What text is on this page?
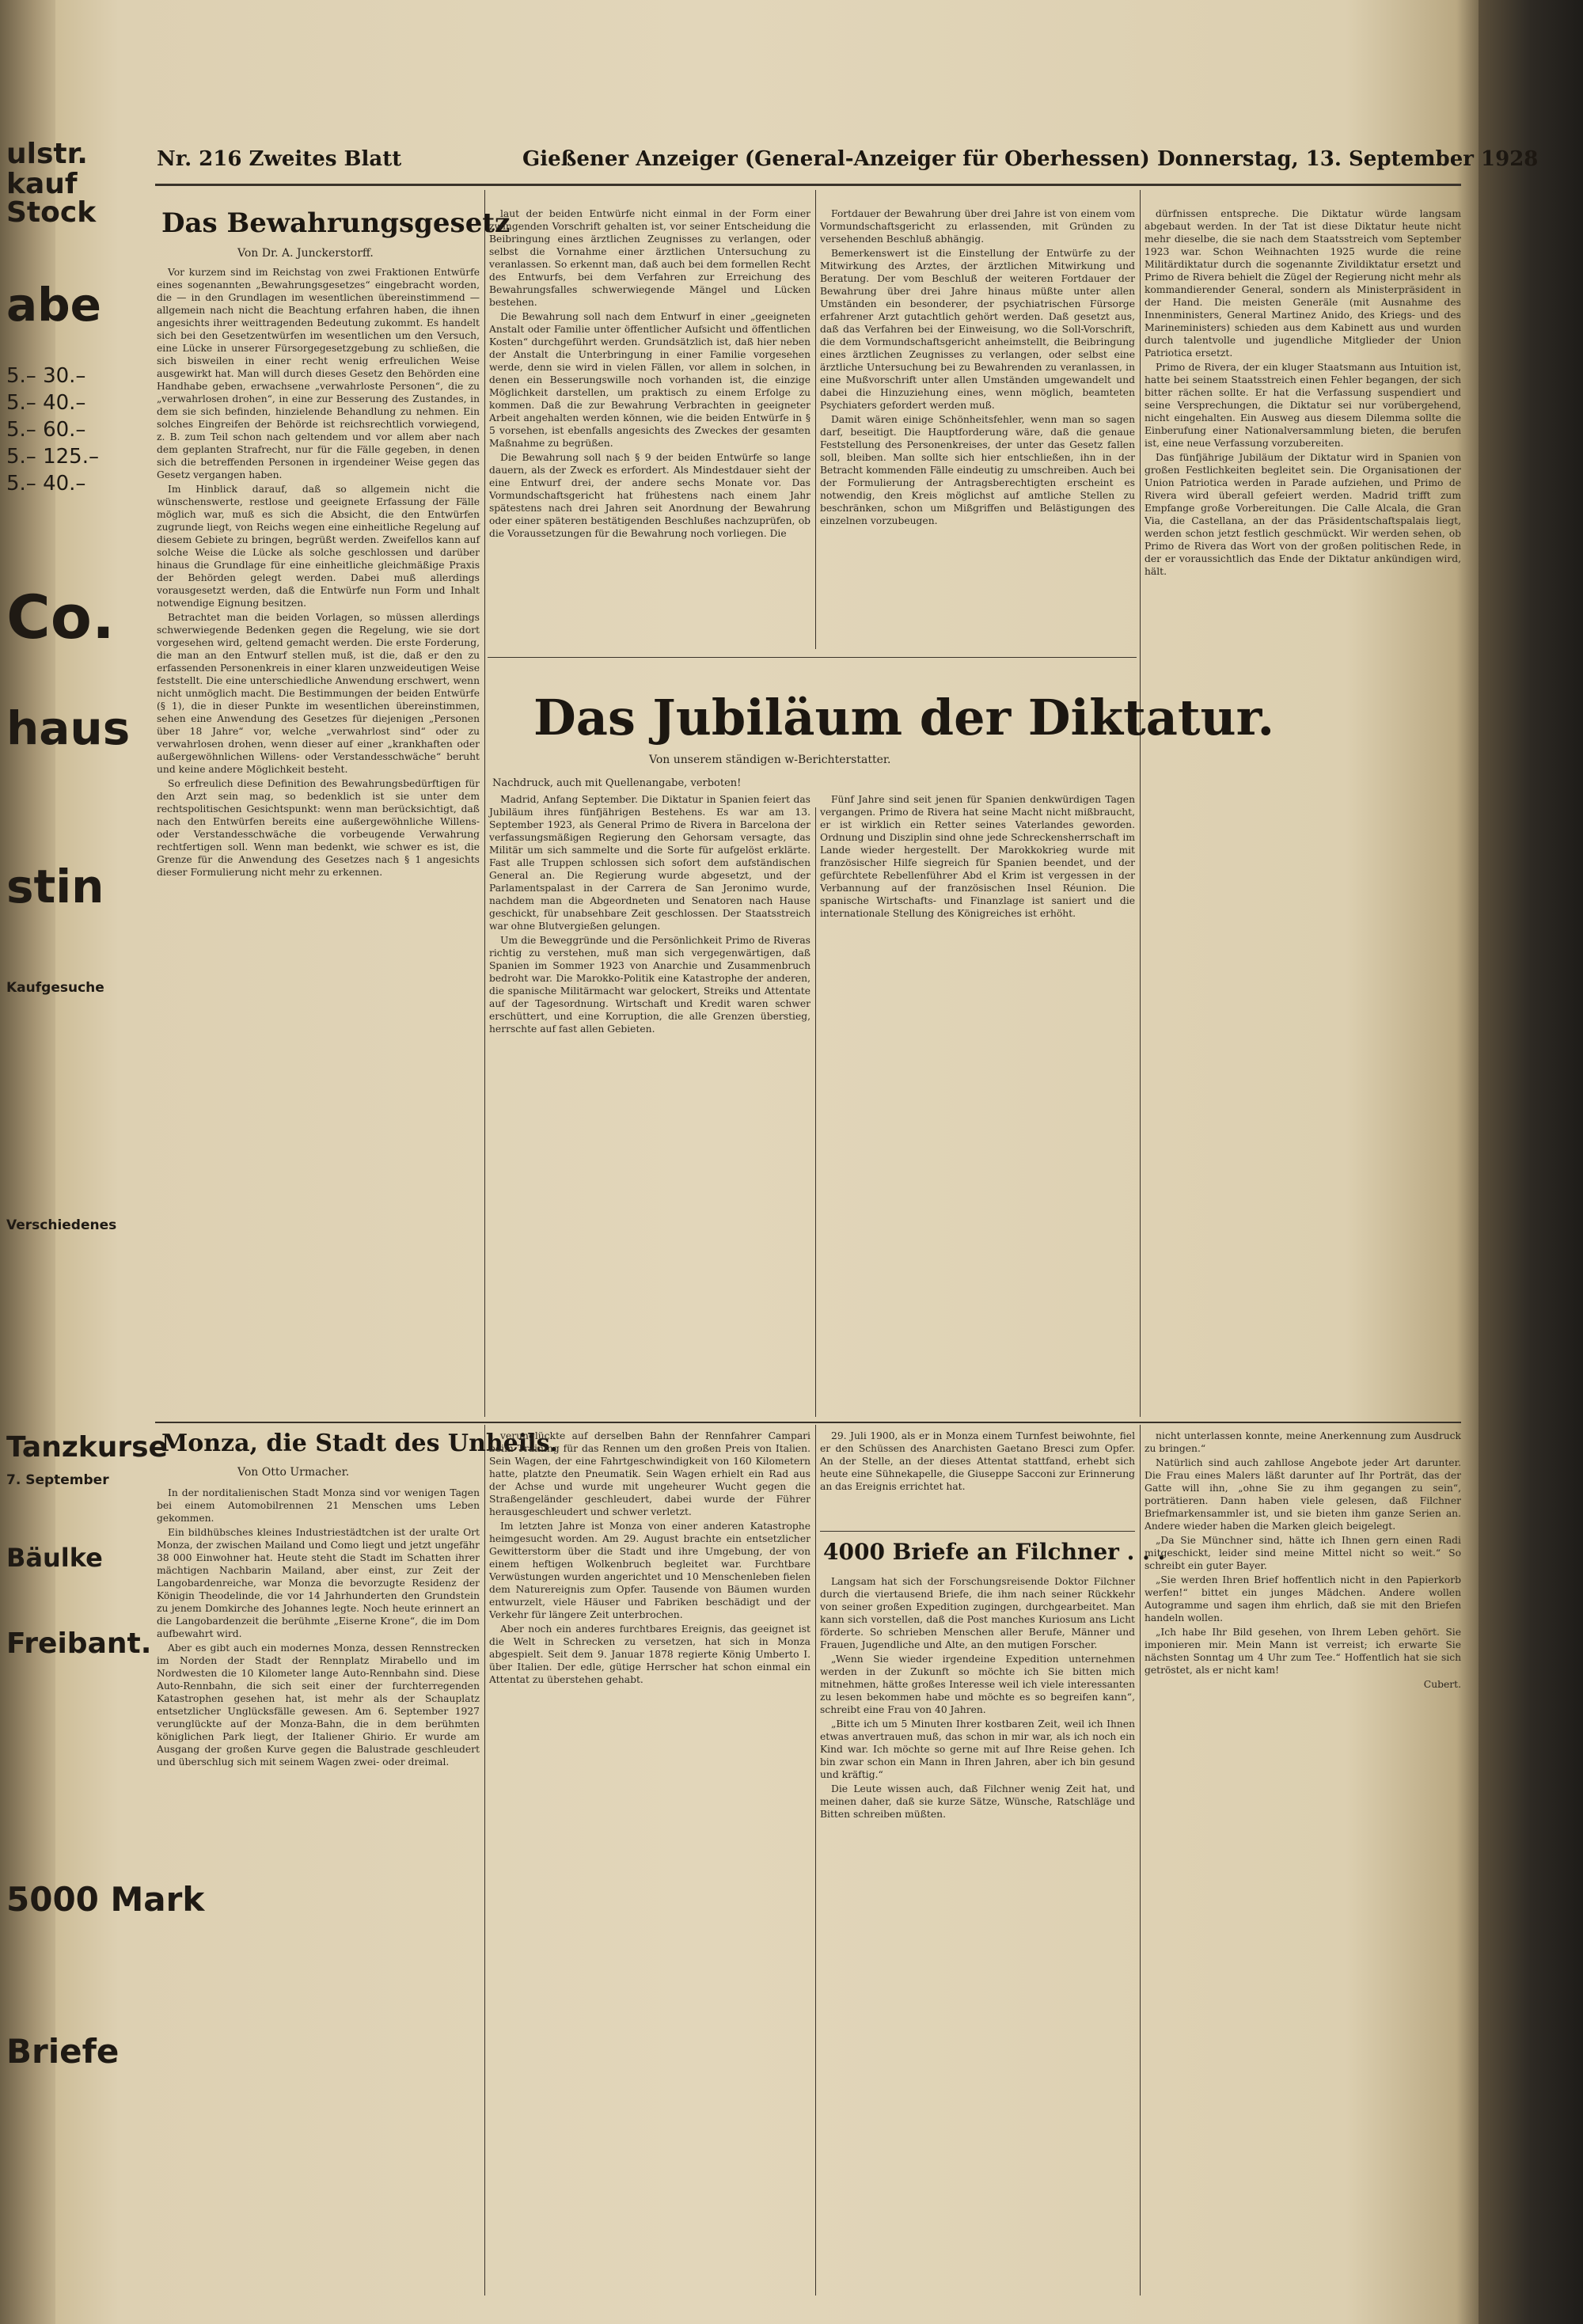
ulstr.
kauf
Stock
abe
5.– 30.–
5.– 40.–
5.– 60.–
5.– 125.–
5.– 40.–
Co.
haus
stin
Kaufgesuche
Verschiedenes
Tanzkurse
7. September
Bäulke
Freibant.
5000 Mark
Briefe
Nr. 216 Zweites Blatt	Gießener Anzeiger (General-Anzeiger für Oberhessen) Donnerstag, 13. September 1928
Das Bewahrungsgesetz
Von Dr. A. Junckerstorff.

Vor kurzem sind im Reichstag von zwei Fraktionen Entwürfe eines sogenannten „Bewahrungsgesetzes“ eingebracht worden, die — in den Grundlagen im wesentlichen übereinstimmend — allgemein nach nicht die Beachtung erfahren haben, die ihnen angesichts ihrer weittragenden Bedeutung zukommt. Es handelt sich bei den Gesetzentwürfen im wesentlichen um den Versuch, eine Lücke in unserer Fürsorgegesetzgebung zu schließen, die sich bisweilen in einer recht wenig erfreulichen Weise ausgewirkt hat. Man will durch dieses Gesetz den Behörden eine Handhabe geben, erwachsene „verwahrloste Personen“, die zu „verwahrlosen drohen“, in eine zur Besserung des Zustandes, in dem sie sich befinden, hinzielende Behandlung zu nehmen. Ein solches Eingreifen der Behörde ist reichsrechtlich vorwiegend, z. B. zum Teil schon nach geltendem und vor allem aber nach dem geplanten Strafrecht, nur für die Fälle gegeben, in denen sich die betreffenden Personen in irgendeiner Weise gegen das Gesetz vergangen haben.

Im Hinblick darauf, daß so allgemein nicht die wünschenswerte, restlose und geeignete Erfassung der Fälle möglich war, muß es sich die Absicht, die den Entwürfen zugrunde liegt, von Reichs wegen eine einheitliche Regelung auf diesem Gebiete zu bringen, begrüßt werden. Zweifellos kann auf solche Weise die Lücke als solche geschlossen und darüber hinaus die Grundlage für eine einheitliche gleichmäßige Praxis der Behörden gelegt werden. Dabei muß allerdings vorausgesetzt werden, daß die Entwürfe nun Form und Inhalt notwendige Eignung besitzen.

Betrachtet man die beiden Vorlagen, so müssen allerdings schwerwiegende Bedenken gegen die Regelung, wie sie dort vorgesehen wird, geltend gemacht werden. Die erste Forderung, die man an den Entwurf stellen muß, ist die, daß er den zu erfassenden Personenkreis in einer klaren unzweideutigen Weise feststellt. Die eine unterschiedliche Anwendung erschwert, wenn nicht unmöglich macht. Die Bestimmungen der beiden Entwürfe (§ 1), die in dieser Punkte im wesentlichen übereinstimmen, sehen eine Anwendung des Gesetzes für diejenigen „Personen über 18 Jahre“ vor, welche „verwahrlost sind“ oder zu verwahrlosen drohen, wenn dieser auf einer „krankhaften oder außergewöhnlichen Willens- oder Verstandesschwäche“ beruht und keine andere Möglichkeit besteht.

So erfreulich diese Definition des Bewahrungsbedürftigen für den Arzt sein mag, so bedenklich ist sie unter dem rechtspolitischen Gesichtspunkt: wenn man berücksichtigt, daß nach den Entwürfen bereits eine außergewöhnliche Willens- oder Verstandesschwäche die vorbeugende Verwahrung rechtfertigen soll. Wenn man bedenkt, wie schwer es ist, die Grenze für die Anwendung des Gesetzes nach § 1 angesichts dieser Formulierung nicht mehr zu erkennen.

laut der beiden Entwürfe nicht einmal in der Form einer zwingenden Vorschrift gehalten ist, vor seiner Entscheidung die Beibringung eines ärztlichen Zeugnisses zu verlangen, oder selbst die Vornahme einer ärztlichen Untersuchung zu veranlassen. So erkennt man, daß auch bei dem formellen Recht des Entwurfs, bei dem Verfahren zur Erreichung des Bewahrungsfalles schwerwiegende Mängel und Lücken bestehen.

Die Bewahrung soll nach dem Entwurf in einer „geeigneten Anstalt oder Familie unter öffentlicher Aufsicht und öffentlichen Kosten“ durchgeführt werden. Grundsätzlich ist, daß hier neben der Anstalt die Unterbringung in einer Familie vorgesehen werde, denn sie wird in vielen Fällen, vor allem in solchen, in denen ein Besserungswille noch vorhanden ist, die einzige Möglichkeit darstellen, um praktisch zu einem Erfolge zu kommen. Daß die zur Bewahrung Verbrachten in geeigneter Arbeit angehalten werden können, wie die beiden Entwürfe in § 5 vorsehen, ist ebenfalls angesichts des Zweckes der gesamten Maßnahme zu begrüßen.

Die Bewahrung soll nach § 9 der beiden Entwürfe so lange dauern, als der Zweck es erfordert. Als Mindestdauer sieht der eine Entwurf drei, der andere sechs Monate vor. Das Vormundschaftsgericht hat frühestens nach einem Jahr spätestens nach drei Jahren seit Anordnung der Bewahrung oder einer späteren bestätigenden Beschlußes nachzuprüfen, ob die Voraussetzungen für die Bewahrung noch vorliegen. Die

Fortdauer der Bewahrung über drei Jahre ist von einem vom Vormundschaftsgericht zu erlassenden, mit Gründen zu versehenden Beschluß abhängig.

Bemerkenswert ist die Einstellung der Entwürfe zu der Mitwirkung des Arztes, der ärztlichen Mitwirkung und Beratung. Der vom Beschluß der weiteren Fortdauer der Bewahrung über drei Jahre hinaus müßte unter allen Umständen ein besonderer, der psychiatrischen Fürsorge erfahrener Arzt gutachtlich gehört werden. Daß gesetzt aus, daß das Verfahren bei der Einweisung, wo die Soll-Vorschrift, die dem Vormundschaftsgericht anheimstellt, die Beibringung eines ärztlichen Zeugnisses zu verlangen, oder selbst eine ärztliche Untersuchung bei zu Bewahrenden zu veranlassen, in eine Mußvorschrift unter allen Umständen umgewandelt und dabei die Hinzuziehung eines, wenn möglich, beamteten Psychiaters gefordert werden muß.

Damit wären einige Schönheitsfehler, wenn man so sagen darf, beseitigt. Die Hauptforderung wäre, daß die genaue Feststellung des Personenkreises, der unter das Gesetz fallen soll, bleiben. Man sollte sich hier entschließen, ihn in der Betracht kommenden Fälle eindeutig zu umschreiben. Auch bei der Formulierung der Antragsberechtigten erscheint es notwendig, den Kreis möglichst auf amtliche Stellen zu beschränken, schon um Mißgriffen und Belästigungen des einzelnen vorzubeugen.

dürfnissen entspreche. Die Diktatur würde langsam abgebaut werden. In der Tat ist diese Diktatur heute nicht mehr dieselbe, die sie nach dem Staatsstreich vom September 1923 war. Schon Weihnachten 1925 wurde die reine Militärdiktatur durch die sogenannte Zivildiktatur ersetzt und Primo de Rivera behielt die Zügel der Regierung nicht mehr als kommandierender General, sondern als Ministerpräsident in der Hand. Die meisten Generäle (mit Ausnahme des Innenministers, General Martinez Anido, des Kriegs- und des Marineministers) schieden aus dem Kabinett aus und wurden durch talentvolle und jugendliche Mitglieder der Union Patriotica ersetzt.

Primo de Rivera, der ein kluger Staatsmann aus Intuition ist, hatte bei seinem Staatsstreich einen Fehler begangen, der sich bitter rächen sollte. Er hat die Verfassung suspendiert und seine Versprechungen, die Diktatur sei nur vorübergehend, nicht eingehalten. Ein Ausweg aus diesem Dilemma sollte die Einberufung einer Nationalversammlung bieten, die berufen ist, eine neue Verfassung vorzubereiten.

Das fünfjährige Jubiläum der Diktatur wird in Spanien von großen Festlichkeiten begleitet sein. Die Organisationen der Union Patriotica werden in Parade aufziehen, und Primo de Rivera wird überall gefeiert werden. Madrid trifft zum Empfange große Vorbereitungen. Die Calle Alcala, die Gran Via, die Castellana, an der das Präsidentschaftspalais liegt, werden schon jetzt festlich geschmückt. Wir werden sehen, ob Primo de Rivera das Wort von der großen politischen Rede, in der er voraussichtlich das Ende der Diktatur ankündigen wird, hält.

Das Jubiläum der Diktatur.
Von unserem ständigen w-Berichterstatter.
Nachdruck, auch mit Quellenangabe, verboten!

Madrid, Anfang September. Die Diktatur in Spanien feiert das Jubiläum ihres fünfjährigen Bestehens. Es war am 13. September 1923, als General Primo de Rivera in Barcelona der verfassungsmäßigen Regierung den Gehorsam versagte, das Militär um sich sammelte und die Sorte für aufgelöst erklärte. Fast alle Truppen schlossen sich sofort dem aufständischen General an. Die Regierung wurde abgesetzt, und der Parlamentspalast in der Carrera de San Jeronimo wurde, nachdem man die Abgeordneten und Senatoren nach Hause geschickt, für unabsehbare Zeit geschlossen. Der Staatsstreich war ohne Blutvergießen gelungen.

Um die Beweggründe und die Persönlichkeit Primo de Riveras richtig zu verstehen, muß man sich vergegenwärtigen, daß Spanien im Sommer 1923 von Anarchie und Zusammenbruch bedroht war. Die Marokko-Politik eine Katastrophe der anderen, die spanische Militärmacht war gelockert, Streiks und Attentate auf der Tagesordnung. Wirtschaft und Kredit waren schwer erschüttert, und eine Korruption, die alle Grenzen überstieg, herrschte auf fast allen Gebieten.

Fünf Jahre sind seit jenen für Spanien denkwürdigen Tagen vergangen. Primo de Rivera hat seine Macht nicht mißbraucht, er ist wirklich ein Retter seines Vaterlandes geworden. Ordnung und Disziplin sind ohne jede Schreckensherrschaft im Lande wieder hergestellt. Der Marokkokrieg wurde mit französischer Hilfe siegreich für Spanien beendet, und der gefürchtete Rebellenführer Abd el Krim ist vergessen in der Verbannung auf der französischen Insel Réunion. Die spanische Wirtschafts- und Finanzlage ist saniert und die internationale Stellung des Königreiches ist erhöht.

Monza, die Stadt des Unheils.
Von Otto Urmacher.

In der norditalienischen Stadt Monza sind vor wenigen Tagen bei einem Automobilrennen 21 Menschen ums Leben gekommen.

Ein bildhübsches kleines Industriestädtchen ist der uralte Ort Monza, der zwischen Mailand und Como liegt und jetzt ungefähr 38 000 Einwohner hat. Heute steht die Stadt im Schatten ihrer mächtigen Nachbarin Mailand, aber einst, zur Zeit der Langobardenreiche, war Monza die bevorzugte Residenz der Königin Theodelinde, die vor 14 Jahrhunderten den Grundstein zu jenem Domkirche des Johannes legte. Noch heute erinnert an die Langobardenzeit die berühmte „Eiserne Krone“, die im Dom aufbewahrt wird.

Aber es gibt auch ein modernes Monza, dessen Rennstrecken im Norden der Stadt der Rennplatz Mirabello und im Nordwesten die 10 Kilometer lange Auto-Rennbahn sind. Diese Auto-Rennbahn, die sich seit einer der furchterregenden Katastrophen gesehen hat, ist mehr als der Schauplatz entsetzlicher Unglücksfälle gewesen. Am 6. September 1927 verunglückte auf der Monza-Bahn, die in dem berühmten königlichen Park liegt, der Italiener Ghirio. Er wurde am Ausgang der großen Kurve gegen die Balustrade geschleudert und überschlug sich mit seinem Wagen zwei- oder dreimal.

verunglückte auf derselben Bahn der Rennfahrer Campari beim Training für das Rennen um den großen Preis von Italien. Sein Wagen, der eine Fahrtgeschwindigkeit von 160 Kilometern hatte, platzte den Pneumatik. Sein Wagen erhielt ein Rad aus der Achse und wurde mit ungeheurer Wucht gegen die Straßengeländer geschleudert, dabei wurde der Führer herausgeschleudert und schwer verletzt.

Im letzten Jahre ist Monza von einer anderen Katastrophe heimgesucht worden. Am 29. August brachte ein entsetzlicher Gewitterstorm über die Stadt und ihre Umgebung, der von einem heftigen Wolkenbruch begleitet war. Furchtbare Verwüstungen wurden angerichtet und 10 Menschenleben fielen dem Naturereignis zum Opfer. Tausende von Bäumen wurden entwurzelt, viele Häuser und Fabriken beschädigt und der Verkehr für längere Zeit unterbrochen.

Aber noch ein anderes furchtbares Ereignis, das geeignet ist die Welt in Schrecken zu versetzen, hat sich in Monza abgespielt. Seit dem 9. Januar 1878 regierte König Umberto I. über Italien. Der edle, gütige Herrscher hat schon einmal ein Attentat zu überstehen gehabt.

29. Juli 1900, als er in Monza einem Turnfest beiwohnte, fiel er den Schüssen des Anarchisten Gaetano Bresci zum Opfer. An der Stelle, an der dieses Attentat stattfand, erhebt sich heute eine Sühnekapelle, die Giuseppe Sacconi zur Erinnerung an das Ereignis errichtet hat.

4000 Briefe an Filchner . . .

Langsam hat sich der Forschungsreisende Doktor Filchner durch die viertausend Briefe, die ihm nach seiner Rückkehr von seiner großen Expedition zugingen, durchgearbeitet. Man kann sich vorstellen, daß die Post manches Kuriosum ans Licht förderte. So schrieben Menschen aller Berufe, Männer und Frauen, Jugendliche und Alte, an den mutigen Forscher.

„Wenn Sie wieder irgendeine Expedition unternehmen werden in der Zukunft so möchte ich Sie bitten mich mitnehmen, hätte großes Interesse weil ich viele interessanten zu lesen bekommen habe und möchte es so begreifen kann“, schreibt eine Frau von 40 Jahren.

„Bitte ich um 5 Minuten Ihrer kostbaren Zeit, weil ich Ihnen etwas anvertrauen muß, das schon in mir war, als ich noch ein Kind war. Ich möchte so gerne mit auf Ihre Reise gehen. Ich bin zwar schon ein Mann in Ihren Jahren, aber ich bin gesund und kräftig.“

Die Leute wissen auch, daß Filchner wenig Zeit hat, und meinen daher, daß sie kurze Sätze, Wünsche, Ratschläge und Bitten schreiben müßten.

nicht unterlassen konnte, meine Anerkennung zum Ausdruck zu bringen.“

Natürlich sind auch zahllose Angebote jeder Art darunter. Die Frau eines Malers läßt darunter auf Ihr Porträt, das der Gatte will ihn, „ohne Sie zu ihm gegangen zu sein“, porträtieren. Dann haben viele gelesen, daß Filchner Briefmarkensammler ist, und sie bieten ihm ganze Serien an. Andere wieder haben die Marken gleich beigelegt.

„Da Sie Münchner sind, hätte ich Ihnen gern einen Radi mitgeschickt, leider sind meine Mittel nicht so weit.“ So schreibt ein guter Bayer.

„Sie werden Ihren Brief hoffentlich nicht in den Papierkorb werfen!“ bittet ein junges Mädchen. Andere wollen Autogramme und sagen ihm ehrlich, daß sie mit den Briefen handeln wollen.

„Ich habe Ihr Bild gesehen, von Ihrem Leben gehört. Sie imponieren mir. Mein Mann ist verreist; ich erwarte Sie nächsten Sonntag um 4 Uhr zum Tee.“ Hoffentlich hat sie sich getröstet, als er nicht kam!

Cubert.
